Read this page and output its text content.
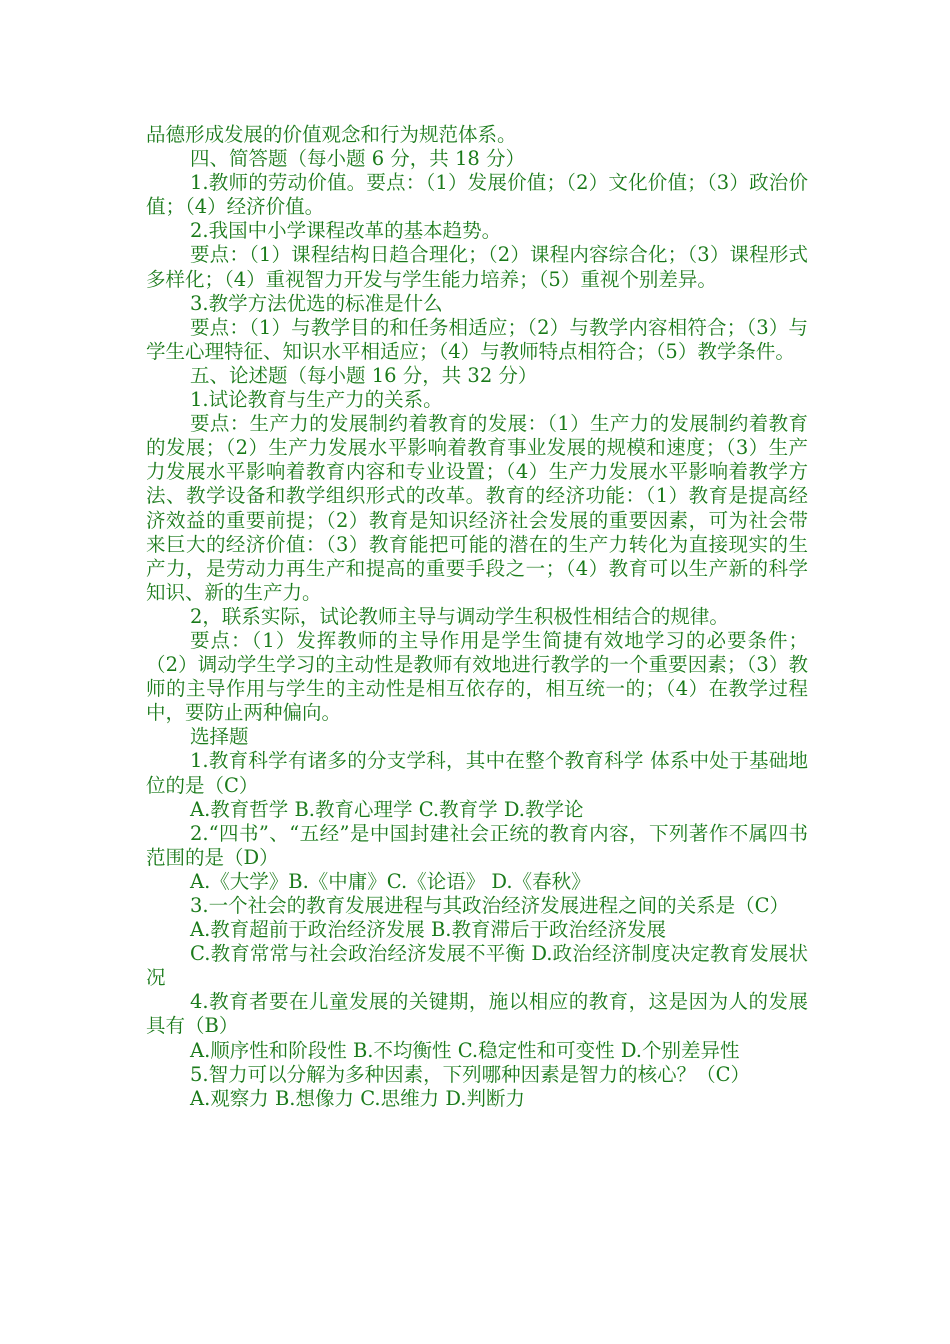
品德形成发展的价值观念和行为规范体系。

四、简答题（每小题 6 分，共 18 分）

1.教师的劳动价值。要点：（1）发展价值；（2）文化价值；（3）政治价值；（4）经济价值。

2.我国中小学课程改革的基本趋势。

要点：（1）课程结构日趋合理化；（2）课程内容综合化；（3）课程形式多样化；（4）重视智力开发与学生能力培养；（5）重视个别差异。

3.教学方法优选的标准是什么

要点：（1）与教学目的和任务相适应；（2）与教学内容相符合；（3）与学生心理特征、知识水平相适应；（4）与教师特点相符合；（5）教学条件。

五、论述题（每小题 16 分，共 32 分）

1.试论教育与生产力的关系。

要点：生产力的发展制约着教育的发展：（1）生产力的发展制约着教育的发展；（2）生产力发展水平影响着教育事业发展的规模和速度；（3）生产力发展水平影响着教育内容和专业设置；（4）生产力发展水平影响着教学方法、教学设备和教学组织形式的改革。教育的经济功能：（1）教育是提高经济效益的重要前提；（2）教育是知识经济社会发展的重要因素，可为社会带来巨大的经济价值：（3）教育能把可能的潜在的生产力转化为直接现实的生产力，是劳动力再生产和提高的重要手段之一；（4）教育可以生产新的科学知识、新的生产力。

2，联系实际，试论教师主导与调动学生积极性相结合的规律。

要点：（1）发挥教师的主导作用是学生简捷有效地学习的必要条件；（2）调动学生学习的主动性是教师有效地进行教学的一个重要因素；（3）教师的主导作用与学生的主动性是相互依存的，相互统一的；（4）在教学过程中，要防止两种偏向。

选择题

1.教育科学有诸多的分支学科，其中在整个教育科学 体系中处于基础地位的是（C）

A.教育哲学 B.教育心理学 C.教育学 D.教学论

2.“四书”、“五经”是中国封建社会正统的教育内容，下列著作不属四书范围的是（D）

A.《大学》B.《中庸》C.《论语》 D.《春秋》

3.一个社会的教育发展进程与其政治经济发展进程之间的关系是（C）

A.教育超前于政治经济发展 B.教育滞后于政治经济发展

C.教育常常与社会政治经济发展不平衡 D.政治经济制度决定教育发展状况

4.教育者要在儿童发展的关键期，施以相应的教育，这是因为人的发展具有（B）

A.顺序性和阶段性 B.不均衡性 C.稳定性和可变性 D.个别差异性

5.智力可以分解为多种因素，下列哪种因素是智力的核心？（C）

A.观察力 B.想像力 C.思维力 D.判断力
